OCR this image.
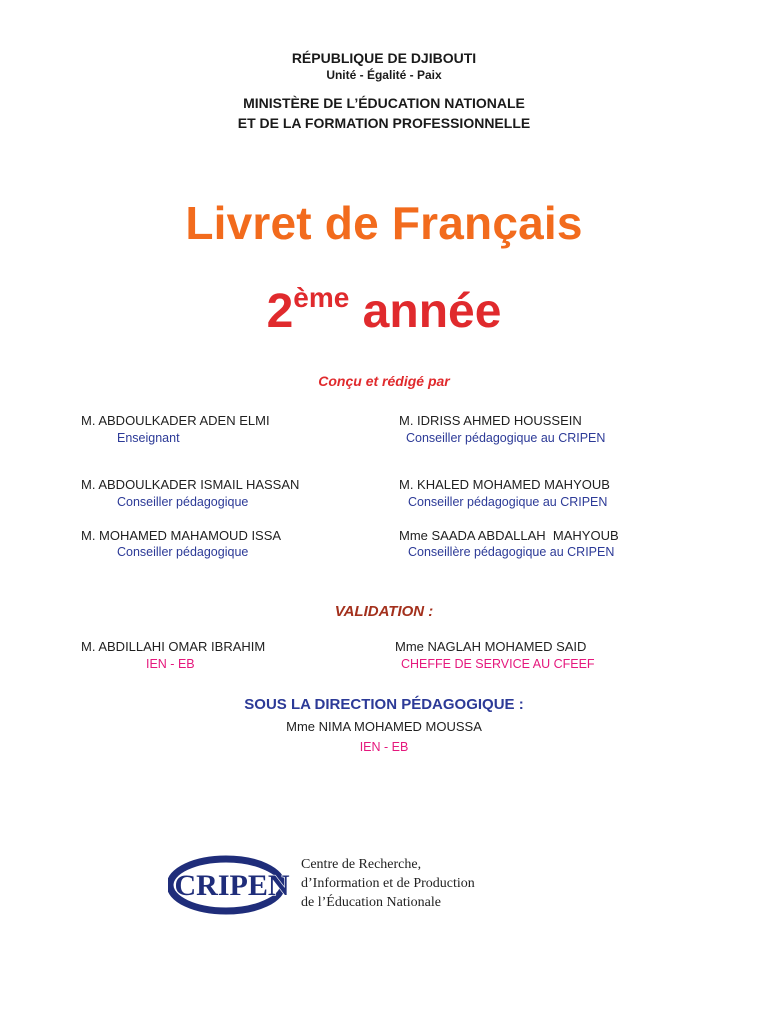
RÉPUBLIQUE DE DJIBOUTI
Unité - Égalité - Paix
MINISTÈRE DE L’ÉDUCATION NATIONALE
ET DE LA FORMATION PROFESSIONNELLE
Livret de Français
2ème année
Conçu et rédigé par
M. ABDOULKADER ADEN ELMI
Enseignant
M. IDRISS AHMED HOUSSEIN
Conseiller pédagogique au CRIPEN
M. ABDOULKADER ISMAIL HASSAN
Conseiller pédagogique
M. KHALED MOHAMED MAHYOUB
Conseiller pédagogique au CRIPEN
M. MOHAMED MAHAMOUD ISSA
Conseiller pédagogique
Mme SAADA ABDALLAH  MAHYOUB
Conseillère pédagogique au CRIPEN
VALIDATION :
M. ABDILLAHI OMAR IBRAHIM
IEN - EB
Mme NAGLAH MOHAMED SAID
CHEFFE DE SERVICE AU CFEEF
SOUS LA DIRECTION PÉDAGOGIQUE :
Mme NIMA MOHAMED MOUSSA
IEN - EB
CRIPEN
Centre de Recherche,
d’Information et de Production
de l’Éducation Nationale
